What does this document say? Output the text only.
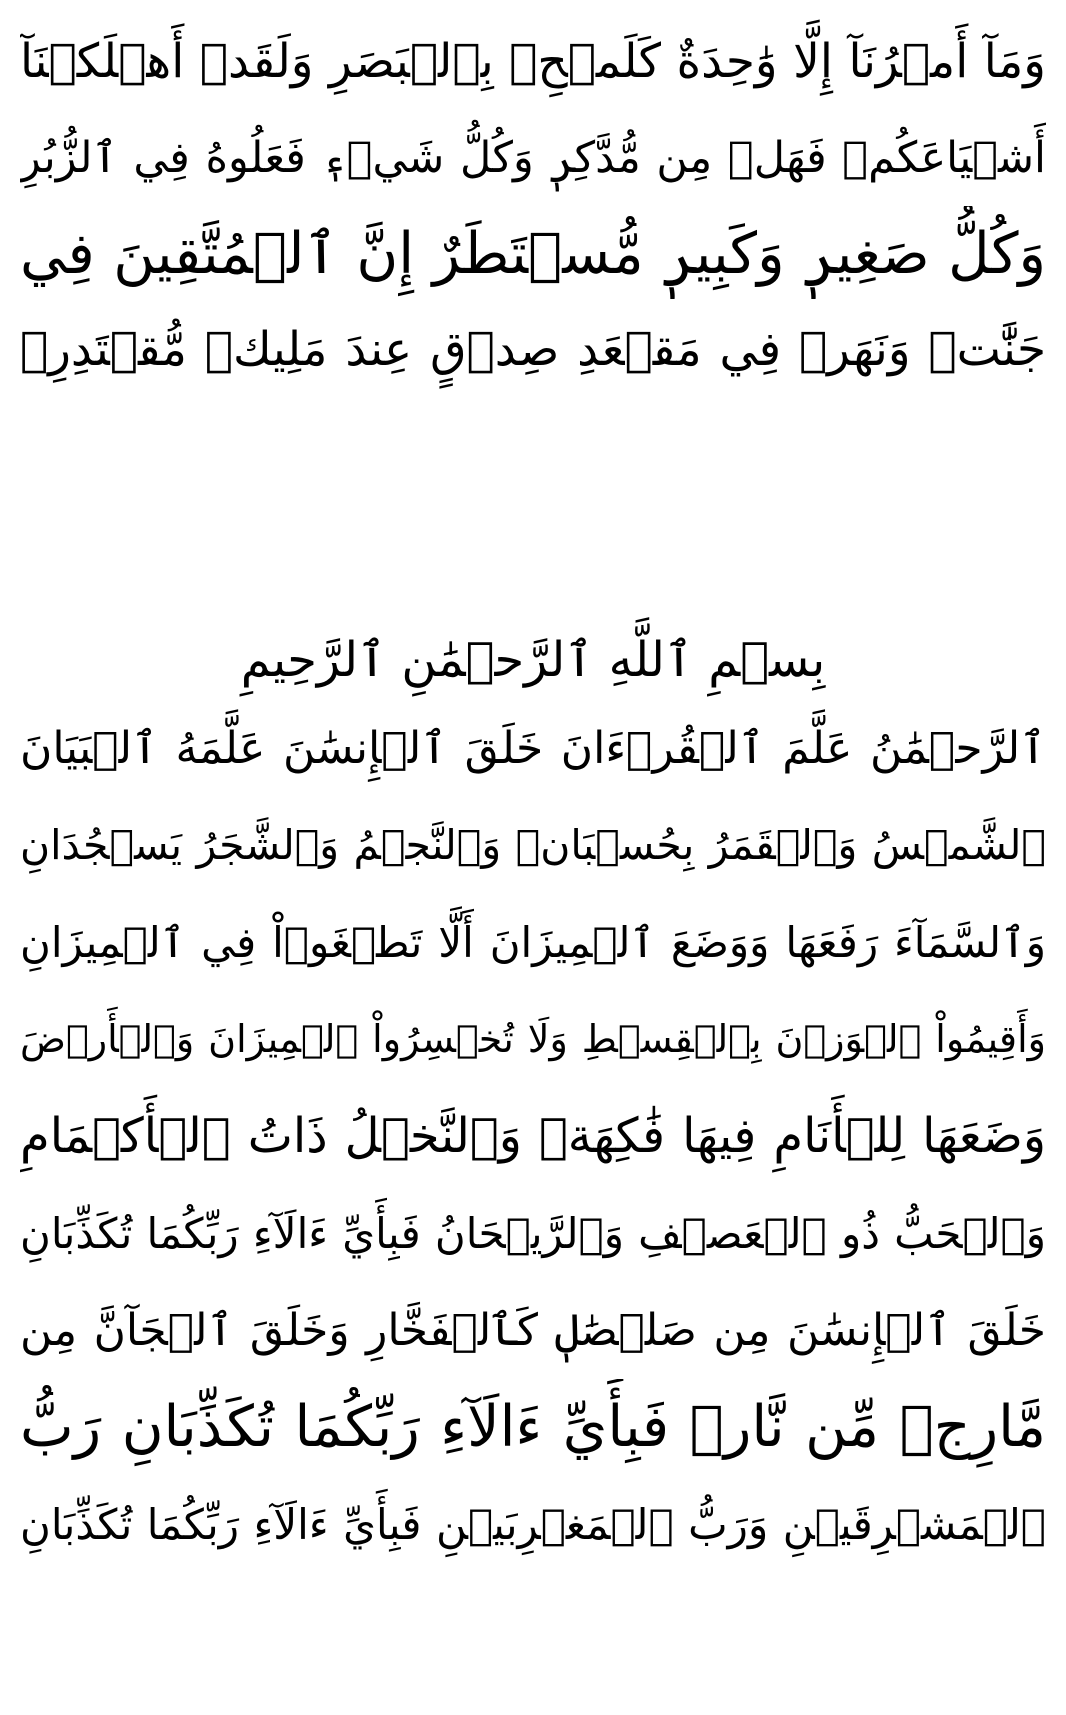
وَمَآ أَمۡرُنَآ إِلَّا وَٰحِدَةٌ كَلَمۡحِۭ بِٱلۡبَصَرِ وَلَقَدۡ أَهۡلَكۡنَآ
أَشۡيَاعَكُمۡ فَهَلۡ مِن مُّدَّكِرٖ وَكُلُّ شَيۡءٖ فَعَلُوهُ فِي ٱلزُّبُرِ
وَكُلُّ صَغِيرٖ وَكَبِيرٖ مُّسۡتَطَرٌ إِنَّ ٱلۡمُتَّقِينَ فِي
جَنَّٰتٖ وَنَهَرٖ فِي مَقۡعَدِ صِدۡقٍ عِندَ مَلِيكٖ مُّقۡتَدِرِۭ
بِسۡمِ ٱللَّهِ ٱلرَّحۡمَٰنِ ٱلرَّحِيمِ
ٱلرَّحۡمَٰنُ عَلَّمَ ٱلۡقُرۡءَانَ خَلَقَ ٱلۡإِنسَٰنَ عَلَّمَهُ ٱلۡبَيَانَ
ٱلشَّمۡسُ وَٱلۡقَمَرُ بِحُسۡبَانٖ وَٱلنَّجۡمُ وَٱلشَّجَرُ يَسۡجُدَانِ
وَٱلسَّمَآءَ رَفَعَهَا وَوَضَعَ ٱلۡمِيزَانَ أَلَّا تَطۡغَوۡاْ فِي ٱلۡمِيزَانِ
وَأَقِيمُواْ ٱلۡوَزۡنَ بِٱلۡقِسۡطِ وَلَا تُخۡسِرُواْ ٱلۡمِيزَانَ وَٱلۡأَرۡضَ
وَضَعَهَا لِلۡأَنَامِ فِيهَا فَٰكِهَةٞ وَٱلنَّخۡلُ ذَاتُ ٱلۡأَكۡمَامِ
وَٱلۡحَبُّ ذُو ٱلۡعَصۡفِ وَٱلرَّيۡحَانُ فَبِأَيِّ ءَالَآءِ رَبِّكُمَا تُكَذِّبَانِ
خَلَقَ ٱلۡإِنسَٰنَ مِن صَلۡصَٰلٖ كَٱلۡفَخَّارِ وَخَلَقَ ٱلۡجَآنَّ مِن
مَّارِجٖ مِّن نَّارٖ فَبِأَيِّ ءَالَآءِ رَبِّكُمَا تُكَذِّبَانِ رَبُّ
ٱلۡمَشۡرِقَيۡنِ وَرَبُّ ٱلۡمَغۡرِبَيۡنِ فَبِأَيِّ ءَالَآءِ رَبِّكُمَا تُكَذِّبَانِ
